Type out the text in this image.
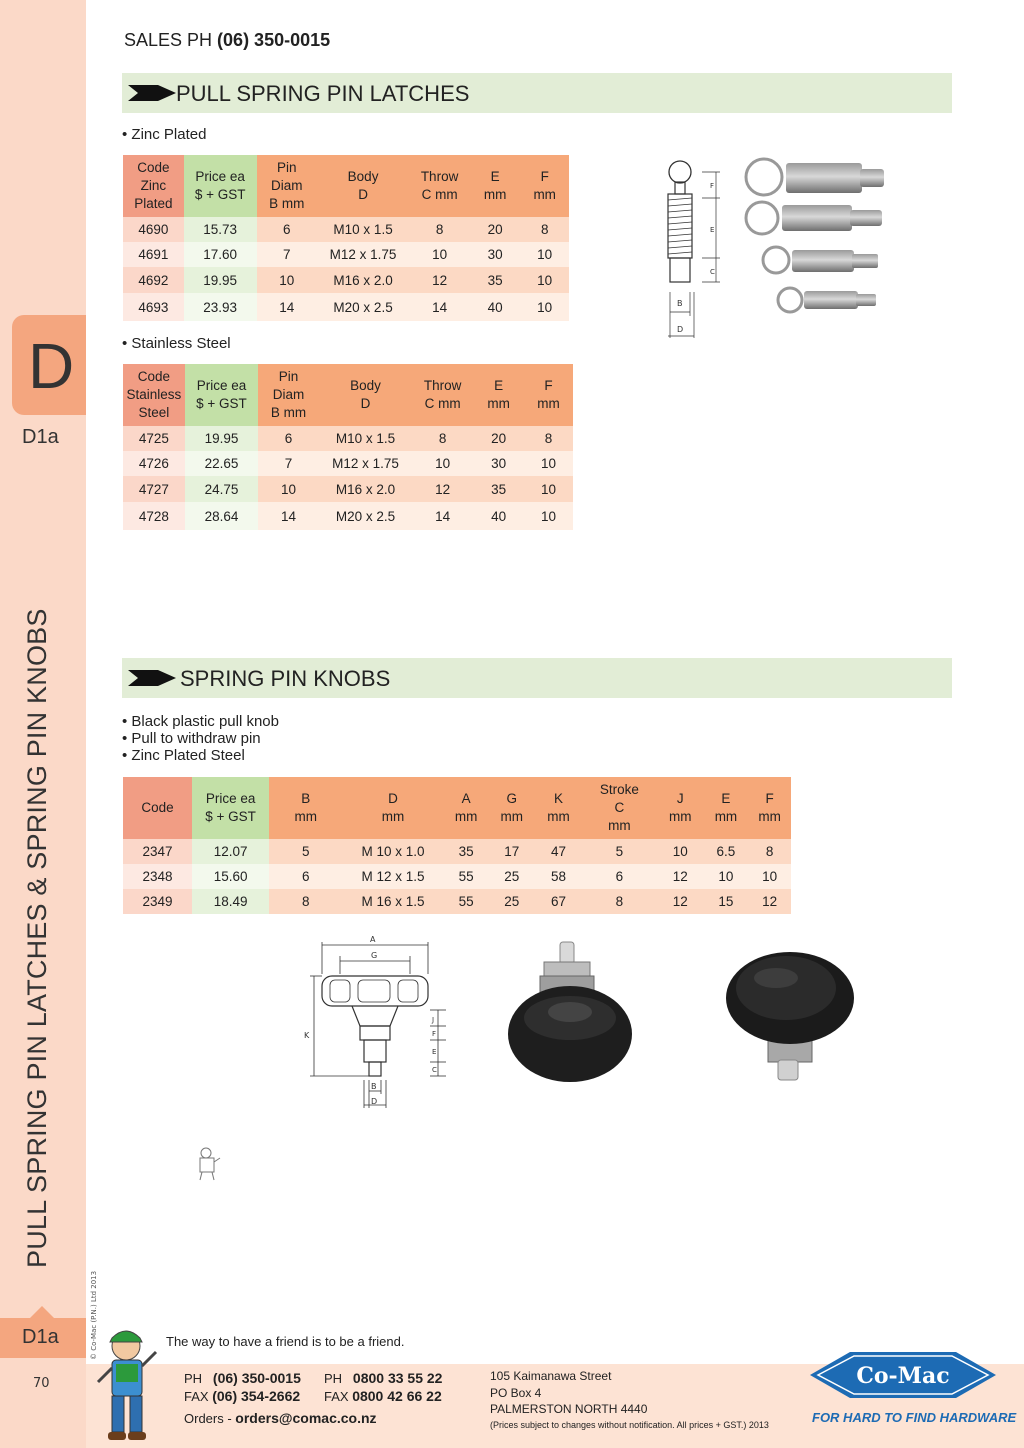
D
D1a
PULL SPRING PIN LATCHES & SPRING PIN KNOBS
© Co-Mac (P.N.) Ltd 2013
D1a
70
SALES PH (06) 350-0015
PULL SPRING PIN LATCHES
• Zinc Plated
Code
Zinc
Plated	Price ea
$ + GST	Pin
Diam
B mm	Body
D	Throw
C mm	E
mm	F
mm
4690	15.73	6	M10 x 1.5	8	20	8
4691	17.60	7	M12 x 1.75	10	30	10
4692	19.95	10	M16 x 2.0	12	35	10
4693	23.93	14	M20 x 2.5	14	40	10
• Stainless Steel
Code
Stainless
Steel	Price ea
$ + GST	Pin
Diam
B mm	Body
D	Throw
C mm	E
mm	F
mm
4725	19.95	6	M10 x 1.5	8	20	8
4726	22.65	7	M12 x 1.75	10	30	10
4727	24.75	10	M16 x 2.0	12	35	10
4728	28.64	14	M20 x 2.5	14	40	10
F
E
C
B
D
SPRING PIN KNOBS
• Black plastic pull knob
• Pull to withdraw pin
• Zinc Plated Steel
Code	Price ea
$ + GST	B
mm	D
mm	A
mm	G
mm	K
mm	Stroke
C
mm	J
mm	E
mm	F
mm
2347	12.07	5	M 10 x 1.0	35	17	47	5	10	6.5	8
2348	15.60	6	M 12 x 1.5	55	25	58	6	12	10	10
2349	18.49	8	M 16 x 1.5	55	25	67	8	12	15	12
A
G
K
J
F
E
C
B
D
The way to have a friend is to be a friend.
PH (06) 350-0015
FAX (06) 354-2662
PH 0800 33 55 22
FAX 0800 42 66 22
Orders - orders@comac.co.nz
105 Kaimanawa Street
PO Box 4
PALMERSTON NORTH 4440
(Prices subject to changes without notification. All prices + GST.) 2013
Co-Mac
FOR HARD TO FIND HARDWARE
